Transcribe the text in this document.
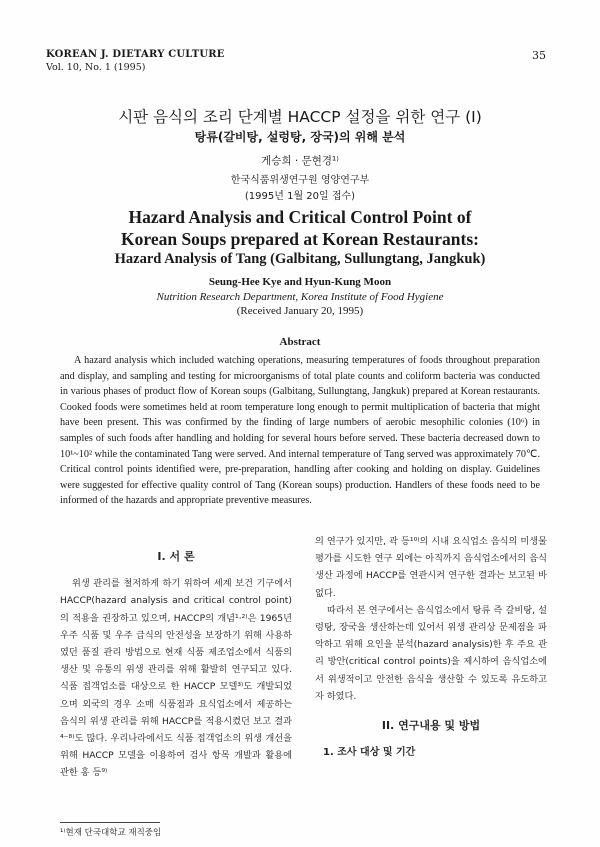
KOREAN J. DIETARY CULTURE
Vol. 10, No. 1 (1995)
35
시판 음식의 조리 단계별 HACCP 설정을 위한 연구 (I)
탕류(갈비탕, 설렁탕, 장국)의 위해 분석
게승희 · 문현경¹⁾
한국식품위생연구원 영양연구부
(1995년 1월 20일 접수)
Hazard Analysis and Critical Control Point of
Korean Soups prepared at Korean Restaurants:
Hazard Analysis of Tang (Galbitang, Sullungtang, Jangkuk)
Seung-Hee Kye and Hyun-Kung Moon
Nutrition Research Department, Korea Institute of Food Hygiene
(Received January 20, 1995)
Abstract
A hazard analysis which included watching operations, measuring temperatures of foods throughout preparation and display, and sampling and testing for microorganisms of total plate counts and coliform bacteria was conducted in various phases of product flow of Korean soups (Galbitang, Sullungtang, Jangkuk) prepared at Korean restaurants. Cooked foods were sometimes held at room temperature long enough to permit multiplication of bacteria that might have been present. This was confirmed by the finding of large numbers of aerobic mesophilic colonies (10⁶) in samples of such foods after handling and holding for several hours before served. These bacteria decreased down to 10¹~10² while the contaminated Tang were served. And internal temperature of Tang served was approximately 70℃. Critical control points identified were, pre-preparation, handling after cooking and holding on display. Guidelines were suggested for effective quality control of Tang (Korean soups) production. Handlers of these foods need to be informed of the hazards and appropriate preventive measures.
I. 서 론

위생 관리를 철저하게 하기 위하여 세계 보건 기구에서 HACCP(hazard analysis and critical control point)의 적용을 권장하고 있으며, HACCP의 개념¹·²⁾은 1965년 우주 식품 및 우주 급식의 안전성을 보장하기 위해 사용하였던 품질 관리 방법으로 현재 식품 제조업소에서 식품의 생산 및 유통의 위생 관리를 위해 활발히 연구되고 있다. 식품 접객업소를 대상으로 한 HACCP 모델³⁾도 개발되었으며 외국의 경우 소매 식품점과 요식업소에서 제공하는 음식의 위생 관리를 위해 HACCP를 적용시켰던 보고 결과⁴⁻⁸⁾도 많다. 우리나라에서도 식품 접객업소의 위생 개선을 위해 HACCP 모델을 이용하여 검사 항목 개발과 활용에 관한 홍 등⁹⁾

의 연구가 있지만, 곽 등¹⁰⁾의 시내 요식업소 음식의 미생물 평가를 시도한 연구 외에는 아직까지 음식업소에서의 음식 생산 과정에 HACCP를 연관시켜 연구한 결과는 보고된 바 없다.

따라서 본 연구에서는 음식업소에서 탕류 즉 갈비탕, 설렁탕, 장국을 생산하는데 있어서 위생 관리상 문제점을 파악하고 위해 요인을 분석(hazard analysis)한 후 주요 관리 방안(critical control points)을 제시하여 음식업소에서 위생적이고 안전한 음식을 생산할 수 있도록 유도하고자 하였다.

II. 연구내용 및 방법
1. 조사 대상 및 기간
¹⁾현재 단국대학교 재직중임
